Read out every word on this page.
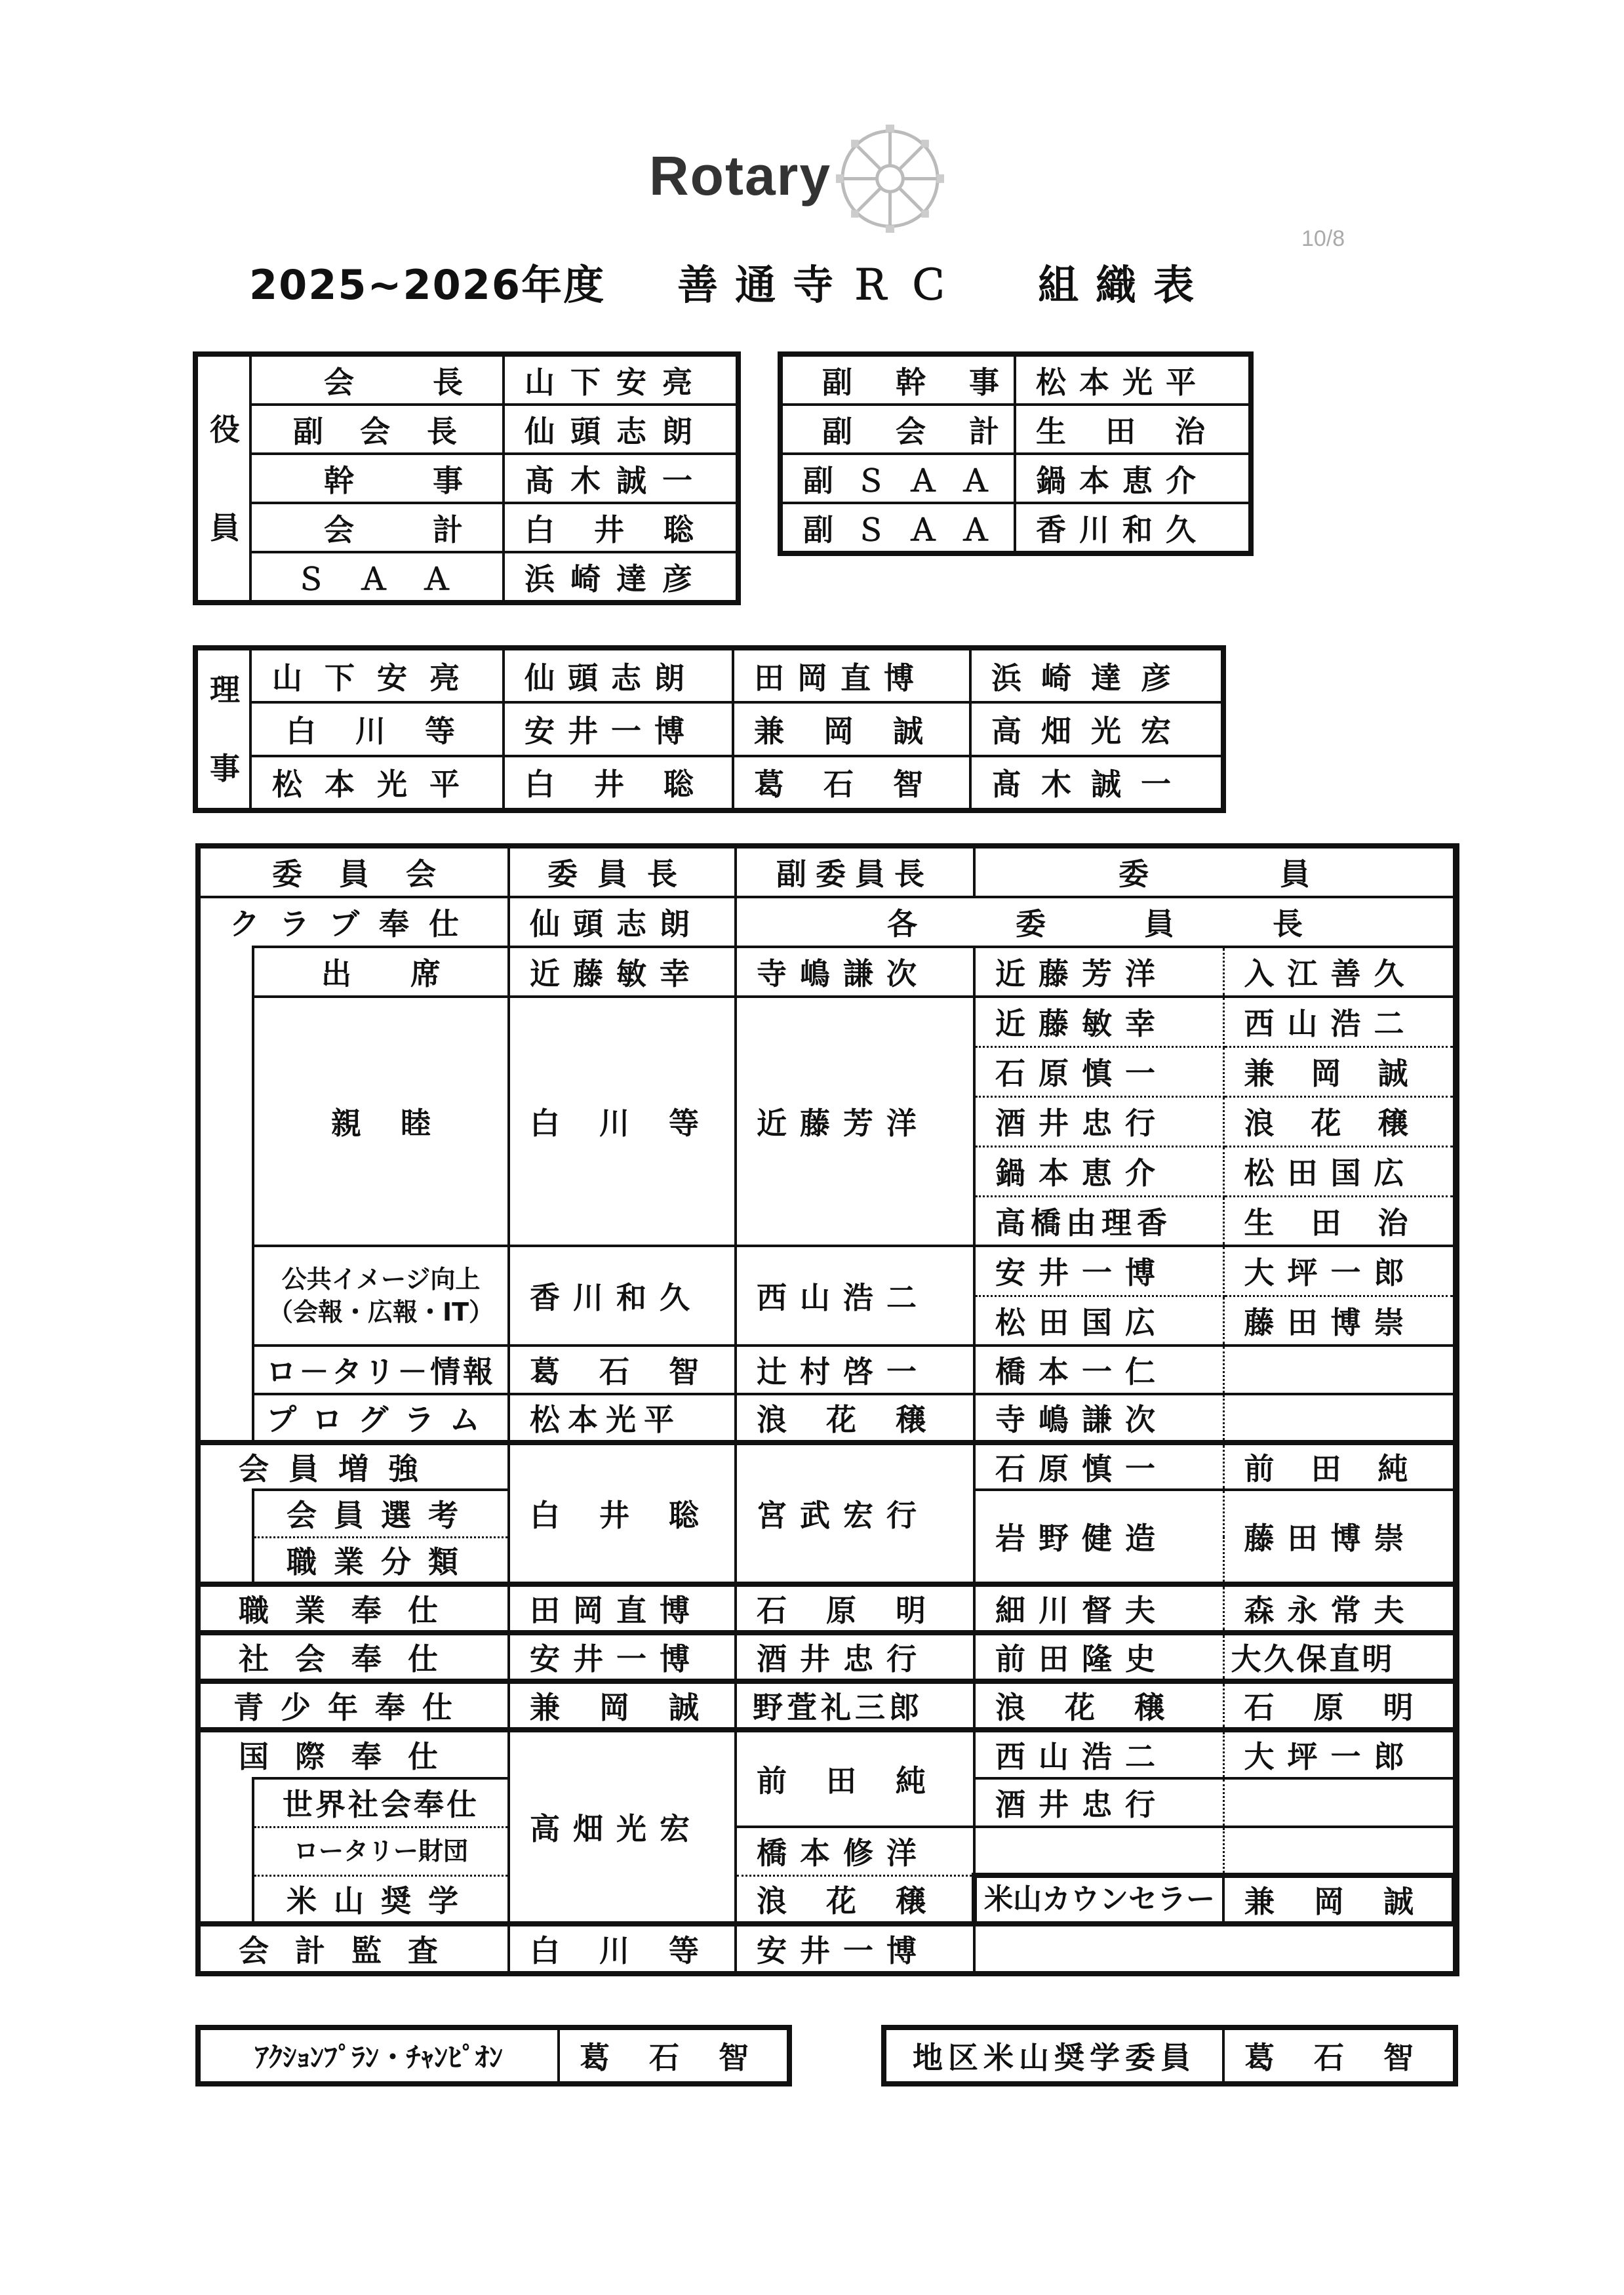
Rotary
10/8
2025~2026年度 善通寺ＲＣ 組織表
役員	会長	山下安亮
	副会長	仙頭志朗
	幹事	髙木誠一
	会計	白井聡
	ＳＡＡ	浜崎達彦
副幹事	松本光平
副会計	生田治
副ＳＡＡ	鍋本恵介
副ＳＡＡ	香川和久
理事	山下安亮	仙頭志朗	田岡直博	浜崎達彦
	白川等	安井一博	兼岡誠	高畑光宏
	松本光平	白井聡	葛石智	髙木誠一
委員会		委員長	副委員長	委員	
クラブ奉仕		仙頭志朗	各委員長		
	出席	近藤敏幸	寺嶋謙次	近藤芳洋	入江善久
	親睦	白川等	近藤芳洋	近藤敏幸	西山浩二
				石原慎一	兼岡誠
				酒井忠行	浪花穣
				鍋本恵介	松田国広
				高橋由理香	生田治

	公共イメージ向上
（会報・広報・IT）	香川和久	西山浩二	安井一博	大坪一郎
				松田国広	藤田博崇
	ロ－タリ－情報	葛石智	辻村啓一	橋本一仁	
	プログラム	松本光平	浪花穣	寺嶋謙次	
会員増強		白井聡	宮武宏行	石原慎一	前田純
	会員選考			岩野健造	藤田博崇
	職業分類				
職業奉仕		田岡直博	石原明	細川督夫	森永常夫
社会奉仕		安井一博	酒井忠行	前田隆史	大久保直明
青少年奉仕		兼岡誠	野萓礼三郎	浪花穣	石原明
国際奉仕		高畑光宏	前田純	西山浩二	大坪一郎
	世界社会奉仕			酒井忠行	
	ロータリー財団		橋本修洋		
	米山奨学		浪花穣	米山カウンセラー	兼岡誠
会計監査		白川等	安井一博		
ｱｸｼｮﾝﾌﾟﾗﾝ・ﾁｬﾝﾋﾟｵﾝ	葛石智	地区米山奨学委員	葛石智
